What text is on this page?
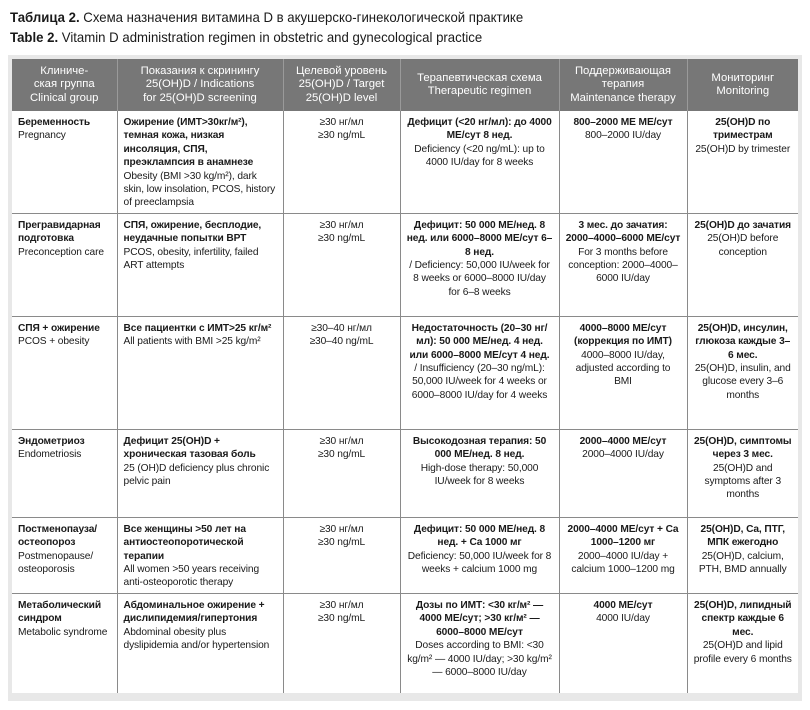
Таблица 2. Схема назначения витамина D в акушерско-гинекологической практике
Table 2. Vitamin D administration regimen in obstetric and gynecological practice
Клиниче-
ская группа
Clinical group	Показания к скринингу
25(OH)D / Indications
for 25(OH)D screening	Целевой уровень
25(OH)D / Target
25(OH)D level	Терапевтическая схема
Therapeutic regimen	Поддерживающая
терапия
Maintenance therapy	Мониторинг
Monitoring

Беременность
Pregnancy	Ожирение (ИМТ>30кг/м²), темная кожа, низкая инсоляция, СПЯ, преэклампсия в анамнезе
Obesity (BMI >30 kg/m²), dark skin, low insolation, PCOS, history of preeclampsia	≥30 нг/мл
≥30 ng/mL	Дефицит (<20 нг/мл): до 4000 МЕ/сут 8 нед.
Deficiency (<20 ng/mL): up to 4000 IU/day for 8 weeks	800–2000 МЕ МЕ/сут
800–2000 IU/day	25(OH)D по триместрам
25(OH)D by trimester

Прегравидарная подготовка
Preconception care	СПЯ, ожирение, бесплодие, неудачные попытки ВРТ
PCOS, obesity, infertility, failed ART attempts	≥30 нг/мл
≥30 ng/mL	Дефицит: 50 000 МЕ/нед. 8 нед. или 6000–8000 МЕ/сут 6–8 нед.
/ Deficiency: 50,000 IU/week for 8 weeks or 6000–8000 IU/day for 6–8 weeks	3 мес. до зачатия: 2000–4000–6000 МЕ/сут
For 3 months before conception: 2000–4000–6000 IU/day	25(OH)D до зачатия
25(OH)D before conception

СПЯ + ожирение
PCOS + obesity	Все пациентки с ИМТ>25 кг/м²
All patients with BMI >25 kg/m²	≥30–40 нг/мл
≥30–40 ng/mL	Недостаточность (20–30 нг/мл): 50 000 МЕ/нед. 4 нед. или 6000–8000 МЕ/сут 4 нед.
/ Insufficiency (20–30 ng/mL): 50,000 IU/week for 4 weeks or 6000–8000 IU/day for 4 weeks	4000–8000 МЕ/сут (коррекция по ИМТ)
4000–8000 IU/day, adjusted according to BMI	25(OH)D, инсулин, глюкоза каждые 3–6 мес.
25(OH)D, insulin, and glucose every 3–6 months

Эндометриоз
Endometriosis	Дефицит 25(OH)D + хроническая тазовая боль
25 (OH)D deficiency plus chronic pelvic pain	≥30 нг/мл
≥30 ng/mL	Высокодозная терапия: 50 000 МЕ/нед. 8 нед.
High-dose therapy: 50,000 IU/week for 8 weeks	2000–4000 МЕ/сут
2000–4000 IU/day	25(OH)D, симптомы через 3 мес.
25(OH)D and symptoms after 3 months

Постменопауза/ остеопороз
Postmenopause/ osteoporosis	Все женщины >50 лет на антиостеопоротической терапии
All women >50 years receiving anti-osteoporotic therapy	≥30 нг/мл
≥30 ng/mL	Дефицит: 50 000 МЕ/нед. 8 нед. + Ca 1000 мг
Deficiency: 50,000 IU/week for 8 weeks + calcium 1000 mg	2000–4000 МЕ/сут + Ca 1000–1200 мг
2000–4000 IU/day + calcium 1000–1200 mg	25(OH)D, Ca, ПТГ, МПК ежегодно
25(OH)D, calcium, PTH, BMD annually

Метаболический синдром
Metabolic syndrome	Абдоминальное ожирение + дислипидемия/гипертония
Abdominal obesity plus dyslipidemia and/or hypertension	≥30 нг/мл
≥30 ng/mL	Дозы по ИМТ: <30 кг/м² — 4000 МЕ/сут; >30 кг/м² — 6000–8000 МЕ/сут
Doses according to BMI: <30 kg/m² — 4000 IU/day; >30 kg/m² — 6000–8000 IU/day	4000 МЕ/сут
4000 IU/day	25(OH)D, липидный спектр каждые 6 мес.
25(OH)D and lipid profile every 6 months
